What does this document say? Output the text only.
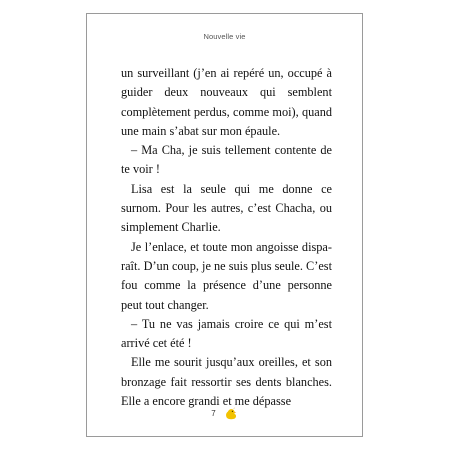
Nouvelle vie

un surveillant (j’en ai repéré un, occupé à guider deux nouveaux qui semblent complètement perdus, comme moi), quand une main s’abat sur mon épaule.

– Ma Cha, je suis tellement contente de te voir !

Lisa est la seule qui me donne ce surnom. Pour les autres, c’est Chacha, ou simplement Charlie.

Je l’enlace, et toute mon angoisse disparaît. D’un coup, je ne suis plus seule. C’est fou comme la présence d’une personne peut tout changer.

– Tu ne vas jamais croire ce qui m’est arrivé cet été !

Elle me sourit jusqu’aux oreilles, et son bronzage fait ressortir ses dents blanches. Elle a encore grandi et me dépasse

7
